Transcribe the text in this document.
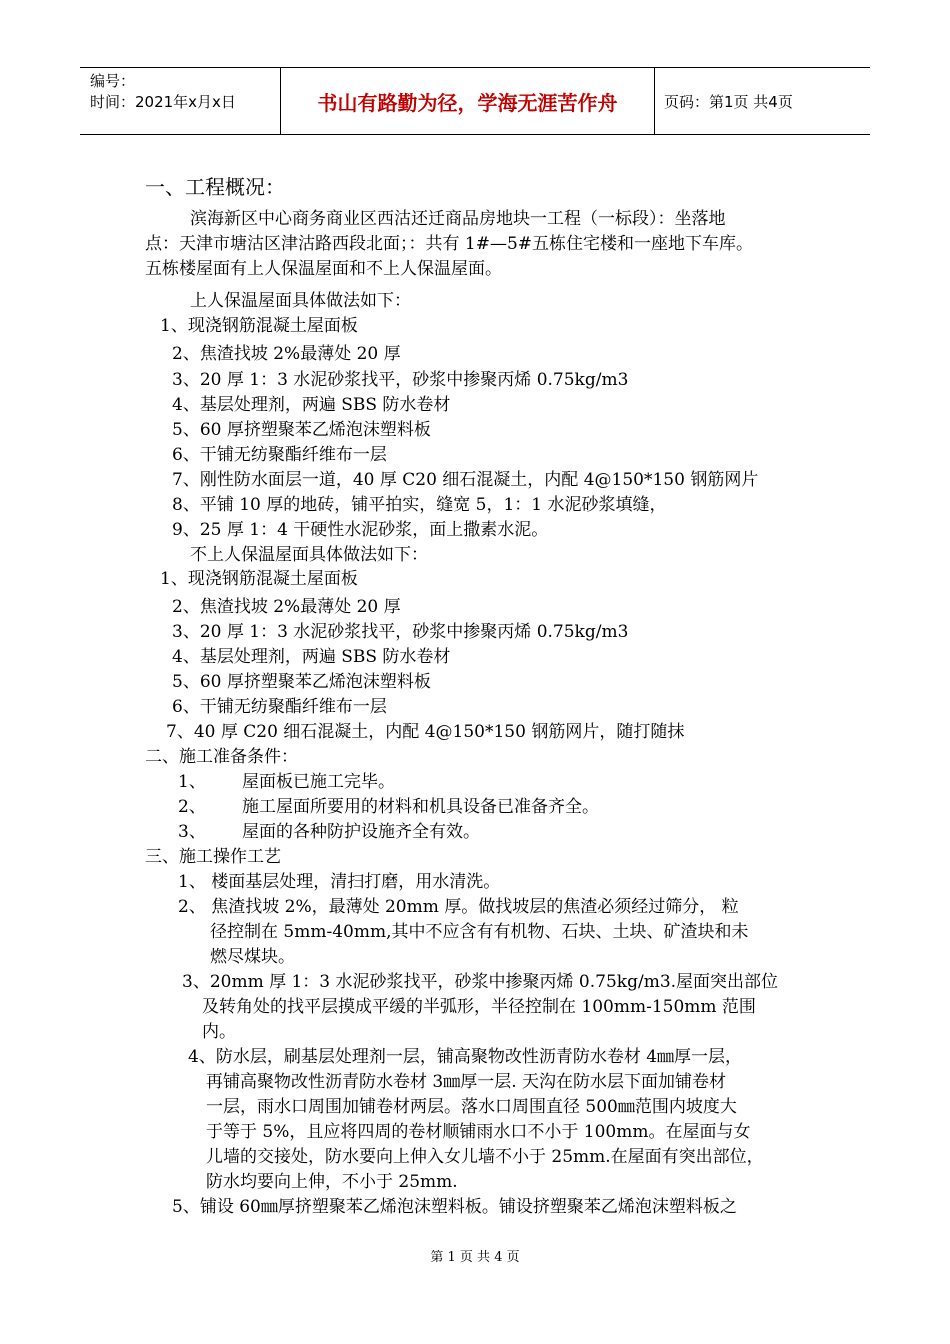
编号：
时间：2021年x月x日	书山有路勤为径，学海无涯苦作舟	页码：第1页 共4页
一、工程概况：
滨海新区中心商务商业区西沽还迁商品房地块一工程（一标段）：坐落地
点：天津市塘沽区津沽路西段北面；：共有 1#—5#五栋住宅楼和一座地下车库。
五栋楼屋面有上人保温屋面和不上人保温屋面。
上人保温屋面具体做法如下：
1、现浇钢筋混凝土屋面板
2、焦渣找坡 2%最薄处 20 厚
3、20 厚 1：3 水泥砂浆找平，砂浆中掺聚丙烯 0.75kg/m3
4、基层处理剂，两遍 SBS 防水卷材
5、60 厚挤塑聚苯乙烯泡沫塑料板
6、干铺无纺聚酯纤维布一层
7、刚性防水面层一道，40 厚 C20 细石混凝土，内配 4@150*150 钢筋网片
8、平铺 10 厚的地砖，铺平拍实，缝宽 5，1：1 水泥砂浆填缝，
9、25 厚 1：4 干硬性水泥砂浆，面上撒素水泥。
不上人保温屋面具体做法如下：
1、现浇钢筋混凝土屋面板
2、焦渣找坡 2%最薄处 20 厚
3、20 厚 1：3 水泥砂浆找平，砂浆中掺聚丙烯 0.75kg/m3
4、基层处理剂，两遍 SBS 防水卷材
5、60 厚挤塑聚苯乙烯泡沫塑料板
6、干铺无纺聚酯纤维布一层
7、40 厚 C20 细石混凝土，内配 4@150*150 钢筋网片，随打随抹
二、施工准备条件：
1、 屋面板已施工完毕。
2、 施工屋面所要用的材料和机具设备已准备齐全。
3、 屋面的各种防护设施齐全有效。
三、施工操作工艺
1、 楼面基层处理，清扫打磨，用水清洗。
2、 焦渣找坡 2%，最薄处 20mm 厚。做找坡层的焦渣必须经过筛分， 粒
径控制在 5mm-40mm,其中不应含有有机物、石块、土块、矿渣块和未
燃尽煤块。
3、20mm 厚 1：3 水泥砂浆找平，砂浆中掺聚丙烯 0.75kg/m3.屋面突出部位
及转角处的找平层摸成平缓的半弧形，半径控制在 100mm-150mm 范围
内。
4、防水层，刷基层处理剂一层，铺高聚物改性沥青防水卷材 4㎜厚一层，
再铺高聚物改性沥青防水卷材 3㎜厚一层. 天沟在防水层下面加铺卷材
一层，雨水口周围加铺卷材两层。落水口周围直径 500㎜范围内坡度大
于等于 5%，且应将四周的卷材顺铺雨水口不小于 100mm。在屋面与女
儿墙的交接处，防水要向上伸入女儿墙不小于 25mm.在屋面有突出部位，
防水均要向上伸，不小于 25mm.
5、铺设 60㎜厚挤塑聚苯乙烯泡沫塑料板。铺设挤塑聚苯乙烯泡沫塑料板之
第 1 页 共 4 页
